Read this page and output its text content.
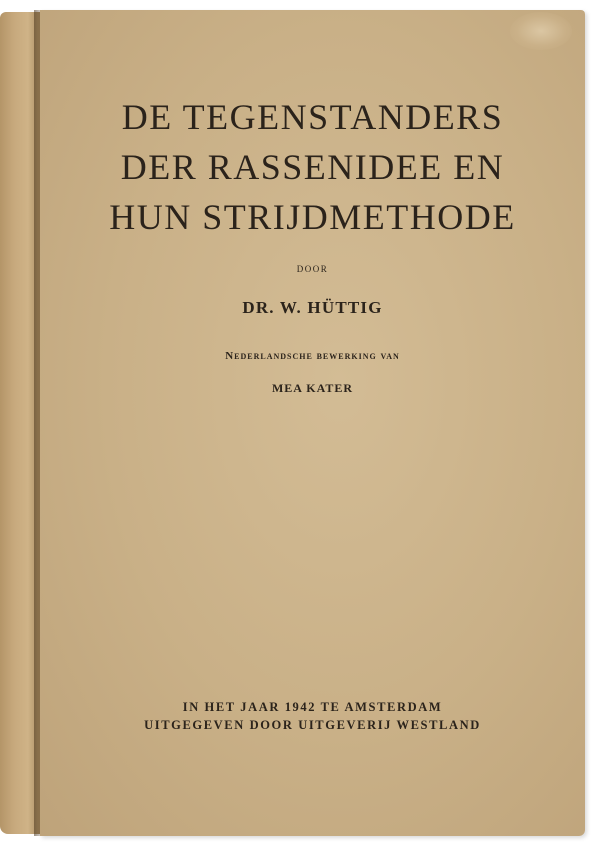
DE TEGENSTANDERS
DER RASSENIDEE EN
HUN STRIJDMETHODE
DOOR
DR. W. HÜTTIG
Nederlandsche bewerking van
MEA KATER
IN HET JAAR 1942 TE AMSTERDAM
UITGEGEVEN DOOR UITGEVERIJ WESTLAND
